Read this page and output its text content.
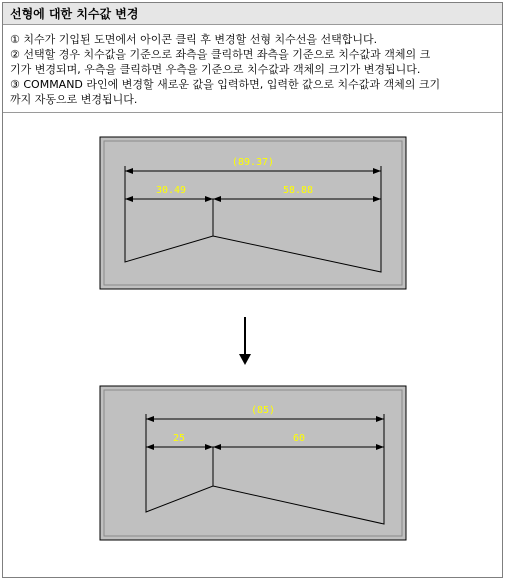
선형에 대한 치수값 변경

① 치수가 기입된 도면에서 아이콘 클릭 후 변경할 선형 치수선을 선택합니다.

② 선택할 경우 치수값을 기준으로 좌측을 클릭하면 좌측을 기준으로 치수값과 객체의 크

기가 변경되며, 우측을 클릭하면 우측을 기준으로 치수값과 객체의 크기가 변경됩니다.

③ COMMAND 라인에 변경할 새로운 값을 입력하면, 입력한 값으로 치수값과 객체의 크기

까지 자동으로 변경됩니다.

(89.37)
30.49	58.88
(85)
25	60
